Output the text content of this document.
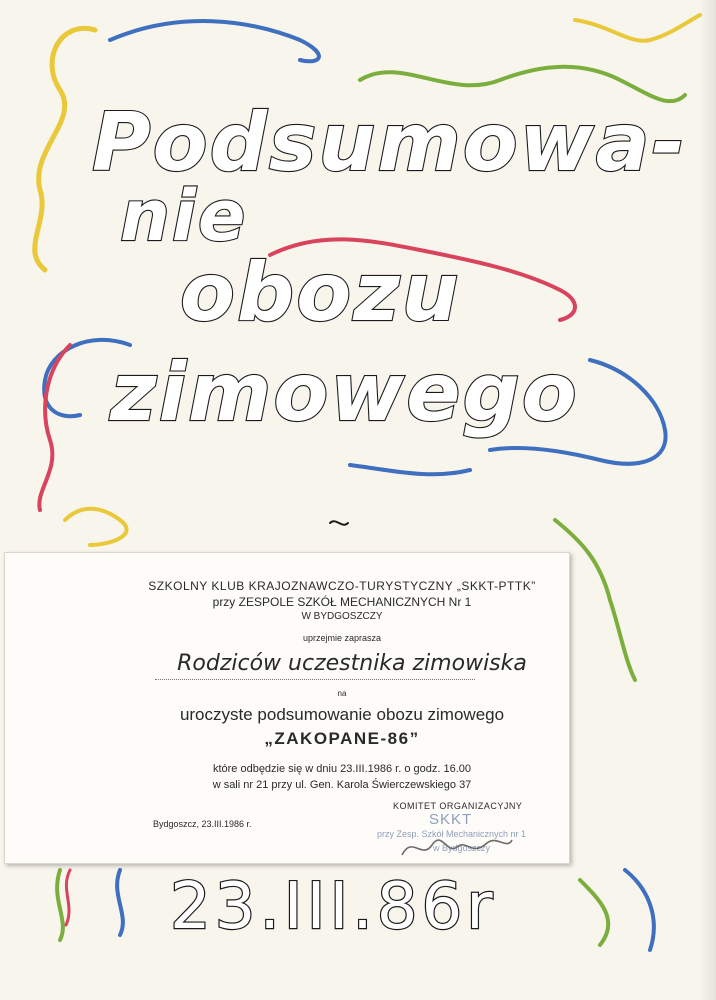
Podsumowa-
nie
obozu
zimowego
23.III.86r
SZKOLNY KLUB KRAJOZNAWCZO-TURYSTYCZNY „SKKT-PTTK”
przy ZESPOLE SZKÓŁ MECHANICZNYCH Nr 1
W BYDGOSZCZY
uprzejmie zaprasza
Rodziców uczestnika zimowiska
na
uroczyste podsumowanie obozu zimowego
„ZAKOPANE-86”
które odbędzie się w dniu 23.III.1986 r. o godz. 16.00
w sali nr 21 przy ul. Gen. Karola Świerczewskiego 37
Bydgoszcz, 23.III.1986 r.
KOMITET ORGANIZACYJNY
SKKT
przy Zesp. Szkół Mechanicznych nr 1
w Bydgoszczy
